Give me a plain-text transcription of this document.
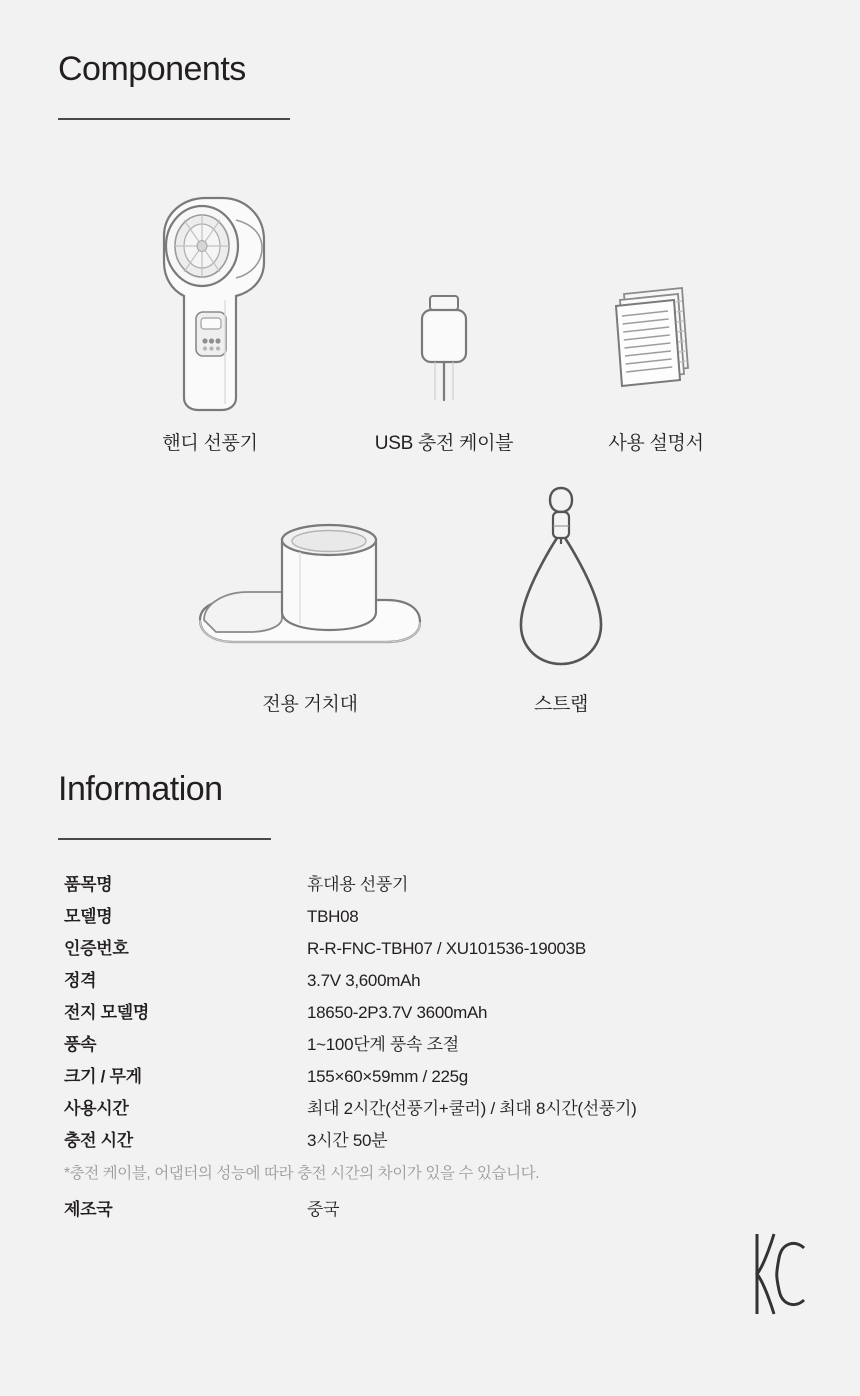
Components
핸디 선풍기	USB 충전 케이블	사용 설명서
전용 거치대	스트랩
Information
품목명	휴대용 선풍기
모델명	TBH08
인증번호	R-R-FNC-TBH07 / XU101536-19003B
정격	3.7V 3,600mAh
전지 모델명	18650-2P3.7V 3600mAh
풍속	1~100단계 풍속 조절
크기 / 무게	155×60×59mm / 225g
사용시간	최대 2시간(선풍기+쿨러) / 최대 8시간(선풍기)
충전 시간	3시간 50분
*충전 케이블, 어댑터의 성능에 따라 충전 시간의 차이가 있을 수 있습니다.
제조국	중국
